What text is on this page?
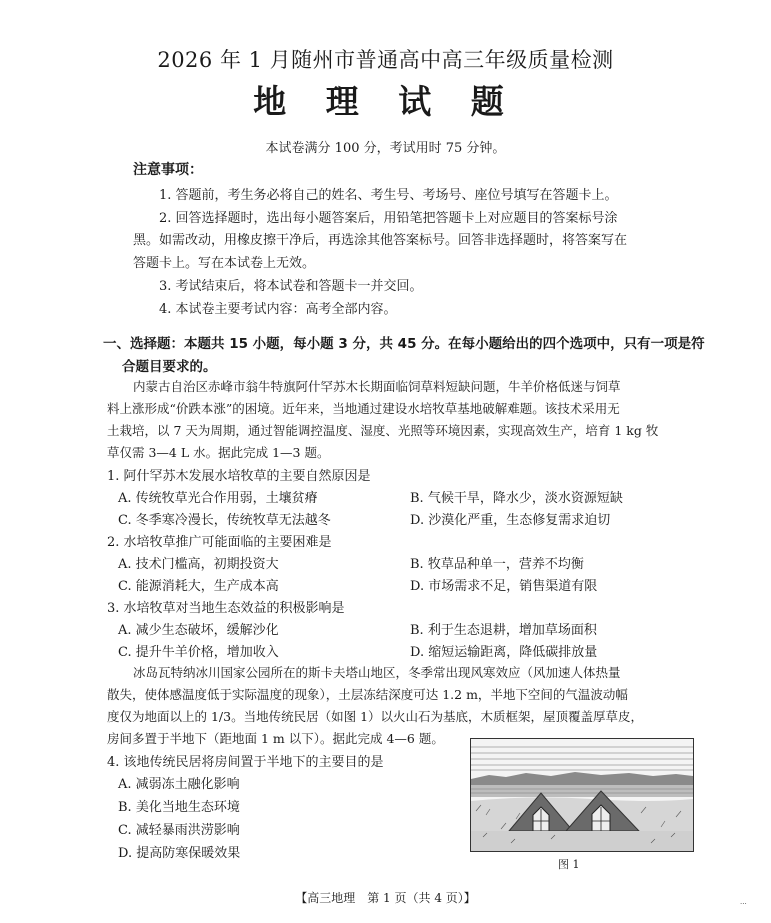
2026 年 1 月随州市普通高中高三年级质量检测
地 理 试 题
本试卷满分 100 分，考试用时 75 分钟。
注意事项：
1. 答题前，考生务必将自己的姓名、考生号、考场号、座位号填写在答题卡上。
2. 回答选择题时，选出每小题答案后，用铅笔把答题卡上对应题目的答案标号涂
黑。如需改动，用橡皮擦干净后，再选涂其他答案标号。回答非选择题时，将答案写在
答题卡上。写在本试卷上无效。
3. 考试结束后，将本试卷和答题卡一并交回。
4. 本试卷主要考试内容：高考全部内容。
一、选择题：本题共 15 小题，每小题 3 分，共 45 分。在每小题给出的四个选项中，只有一项是符
合题目要求的。
内蒙古自治区赤峰市翁牛特旗阿什罕苏木长期面临饲草料短缺问题，牛羊价格低迷与饲草
料上涨形成“价跌本涨”的困境。近年来，当地通过建设水培牧草基地破解难题。该技术采用无
土栽培，以 7 天为周期，通过智能调控温度、湿度、光照等环境因素，实现高效生产，培育 1 kg 牧
草仅需 3—4 L 水。据此完成 1—3 题。
1. 阿什罕苏木发展水培牧草的主要自然原因是
A. 传统牧草光合作用弱，土壤贫瘠	B. 气候干旱，降水少，淡水资源短缺
C. 冬季寒冷漫长，传统牧草无法越冬	D. 沙漠化严重，生态修复需求迫切
2. 水培牧草推广可能面临的主要困难是
A. 技术门槛高，初期投资大	B. 牧草品种单一，营养不均衡
C. 能源消耗大，生产成本高	D. 市场需求不足，销售渠道有限
3. 水培牧草对当地生态效益的积极影响是
A. 减少生态破坏，缓解沙化	B. 利于生态退耕，增加草场面积
C. 提升牛羊价格，增加收入	D. 缩短运输距离，降低碳排放量
冰岛瓦特纳冰川国家公园所在的斯卡夫塔山地区，冬季常出现风寒效应（风加速人体热量
散失，使体感温度低于实际温度的现象），土层冻结深度可达 1.2 m，半地下空间的气温波动幅
度仅为地面以上的 1/3。当地传统民居（如图 1）以火山石为基底，木质框架，屋顶覆盖厚草皮，
房间多置于半地下（距地面 1 m 以下）。据此完成 4—6 题。
4. 该地传统民居将房间置于半地下的主要目的是
A. 减弱冻土融化影响
B. 美化当地生态环境
C. 减轻暴雨洪涝影响
D. 提高防寒保暖效果
图 1
【高三地理　第 1 页（共 4 页）】	...
